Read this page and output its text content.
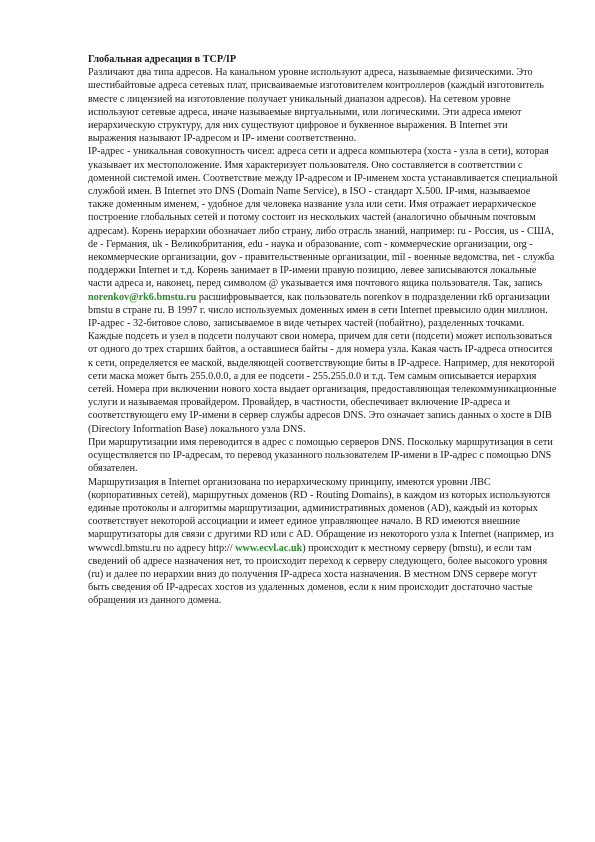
Глобальная адресация в TCP/IP

Различают два типа адресов. На канальном уровне используют адреса, называемые физическими. Это шестибайтовые адреса сетевых плат, присваиваемые изготовителем контроллеров (каждый изготовитель вместе с лицензией на изготовление получает уникальный диапазон адресов). На сетевом уровне используют сетевые адреса, иначе называемые виртуальными, или логическими. Эти адреса имеют иерархическую структуру, для них существуют цифровое и буквенное выражения. В Internet эти выражения называют IP-адресом и IP- имени соответственно.

IP-адрес - уникальная совокупность чисел: адреса сети и адреса компьютера (хоста - узла в сети), которая указывает их местоположение. Имя характеризует пользователя. Оно составляется в соответствии с доменной системой имен. Соответствие между IP-адресом и IP-именем хоста устанавливается специальной службой имен. В Internet это DNS (Domain Name Service), в ISO - стандарт X.500. IP-имя, называемое также доменным именем, - удобное для человека название узла или сети. Имя отражает иерархическое построение глобальных сетей и потому состоит из нескольких частей (аналогично обычным почтовым адресам). Корень иерархии обозначает либо страну, либо отрасль знаний, например: ru - Россия, us - США, de - Германия, uk - Великобритания, edu - наука и образование, com - коммерческие организации, org - некоммерческие организации, gov - правительственные организации, mil - военные ведомства, net - служба поддержки Internet и т.д. Корень занимает в IP-имени правую позицию, левее записываются локальные части адреса и, наконец, перед символом @ указывается имя почтового ящика пользователя. Так, запись norenkov@rk6.bmstu.ru расшифровывается, как пользователь norenkov в подразделении rk6 организации bmstu в стране ru. В 1997 г. число используемых доменных имен в сети Internet превысило один миллион.

IP-адрес - 32-битовое слово, записываемое в виде четырех частей (побайтно), разделенных точками. Каждые подсеть и узел в подсети получают свои номера, причем для сети (подсети) может использоваться от одного до трех старших байтов, а оставшиеся байты - для номера узла. Какая часть IP-адреса относится к сети, определяется ее маской, выделяющей соответствующие биты в IP-адресе. Например, для некоторой сети маска может быть 255.0.0.0, а для ее подсети - 255.255.0.0 и т.д. Тем самым описывается иерархия сетей. Номера при включении нового хоста выдает организация, предоставляющая телекоммуникационные услуги и называемая провайдером. Провайдер, в частности, обеспечивает включение IP-адреса и соответствующего ему IP-имени в сервер службы адресов DNS. Это означает запись данных о хосте в DIB (Directory Information Base) локального узла DNS.

При маршрутизации имя переводится в адрес с помощью серверов DNS. Поскольку маршрутизация в сети осуществляется по IP-адресам, то перевод указанного пользователем IP-имени в IP-адрес с помощью DNS обязателен.

Маршрутизация в Internet организована по иерархическому принципу, имеются уровни ЛВС (корпоративных сетей), маршрутных доменов (RD - Routing Domains), в каждом из которых используются единые протоколы и алгоритмы маршрутизации, административных доменов (AD), каждый из которых соответствует некоторой ассоциации и имеет единое управляющее начало. В RD имеются внешние маршрутизаторы для связи с другими RD или с AD. Обращение из некоторого узла к Internet (например, из wwwcdl.bmstu.ru по адресу http:// www.ecvl.ac.uk) происходит к местному серверу (bmstu), и если там сведений об адресе назначения нет, то происходит переход к серверу следующего, более высокого уровня (ru) и далее по иерархии вниз до получения IP-адреса хоста назначения. В местном DNS сервере могут быть сведения об IP-адресах хостов из удаленных доменов, если к ним происходит достаточно частые обращения из данного домена.
